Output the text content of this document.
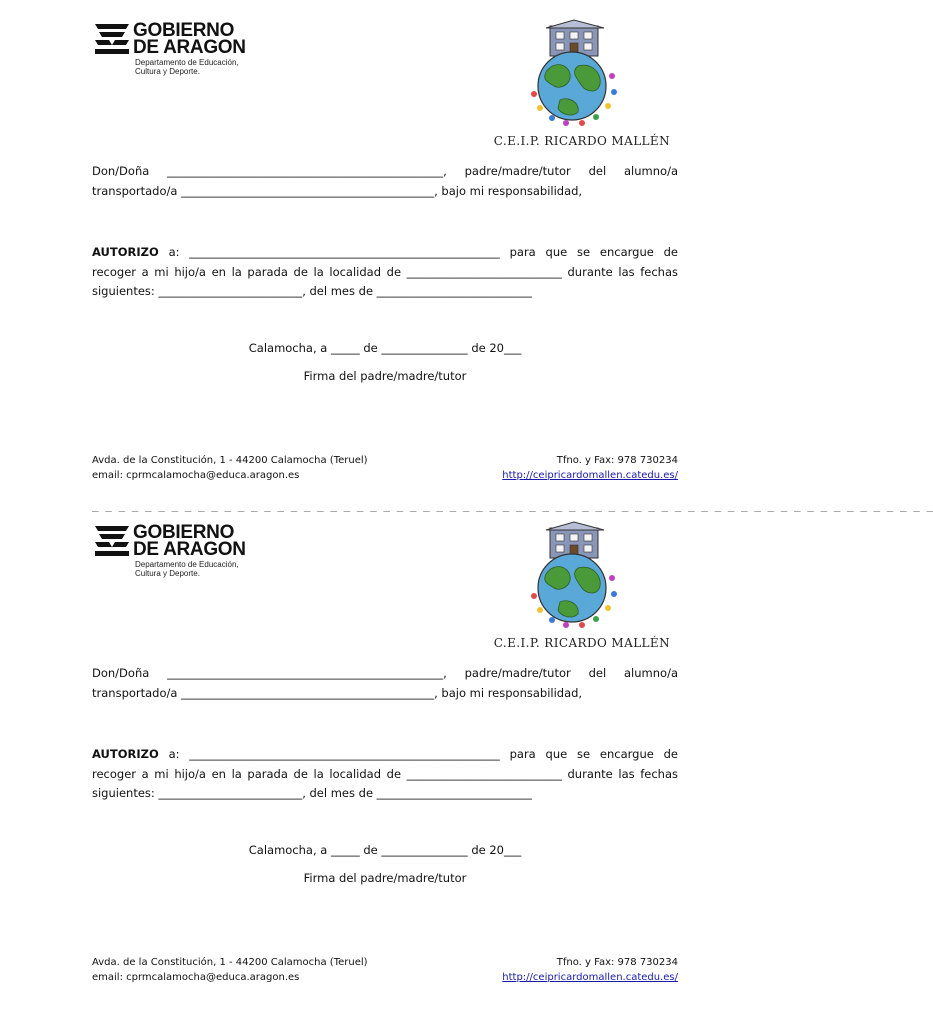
GOBIERNO
DE ARAGON
Departamento de Educación,
Cultura y Deporte.
C.E.I.P. RICARDO MALLÉN
Don/Doña ________________________________________________, padre/madre/tutor del alumno/a
transportado/a ____________________________________________, bajo mi responsabilidad,
AUTORIZO a: ______________________________________________________ para que se encargue de
recoger a mi hijo/a en la parada de la localidad de ___________________________ durante las fechas
siguientes: _________________________, del mes de ___________________________
Calamocha, a _____ de _______________ de 20___
Firma del padre/madre/tutor
Avda. de la Constitución, 1 - 44200 Calamocha (Teruel)
email: cprmcalamocha@educa.aragon.es
Tfno. y Fax: 978 730234
http://ceipricardomallen.catedu.es/
_ _ _ _ _ _ _ _ _ _ _ _ _ _ _ _ _ _ _ _ _ _ _ _ _ _ _ _ _ _ _ _ _ _ _ _ _ _ _ _ _ _ _ _ _ _ _ _ _ _ _ _ _ _ _ _ _ _ _ _ _ _ _ _
GOBIERNO
DE ARAGON
Departamento de Educación,
Cultura y Deporte.
C.E.I.P. RICARDO MALLÉN
Don/Doña ________________________________________________, padre/madre/tutor del alumno/a
transportado/a ____________________________________________, bajo mi responsabilidad,
AUTORIZO a: ______________________________________________________ para que se encargue de
recoger a mi hijo/a en la parada de la localidad de ___________________________ durante las fechas
siguientes: _________________________, del mes de ___________________________
Calamocha, a _____ de _______________ de 20___
Firma del padre/madre/tutor
Avda. de la Constitución, 1 - 44200 Calamocha (Teruel)
email: cprmcalamocha@educa.aragon.es
Tfno. y Fax: 978 730234
http://ceipricardomallen.catedu.es/
